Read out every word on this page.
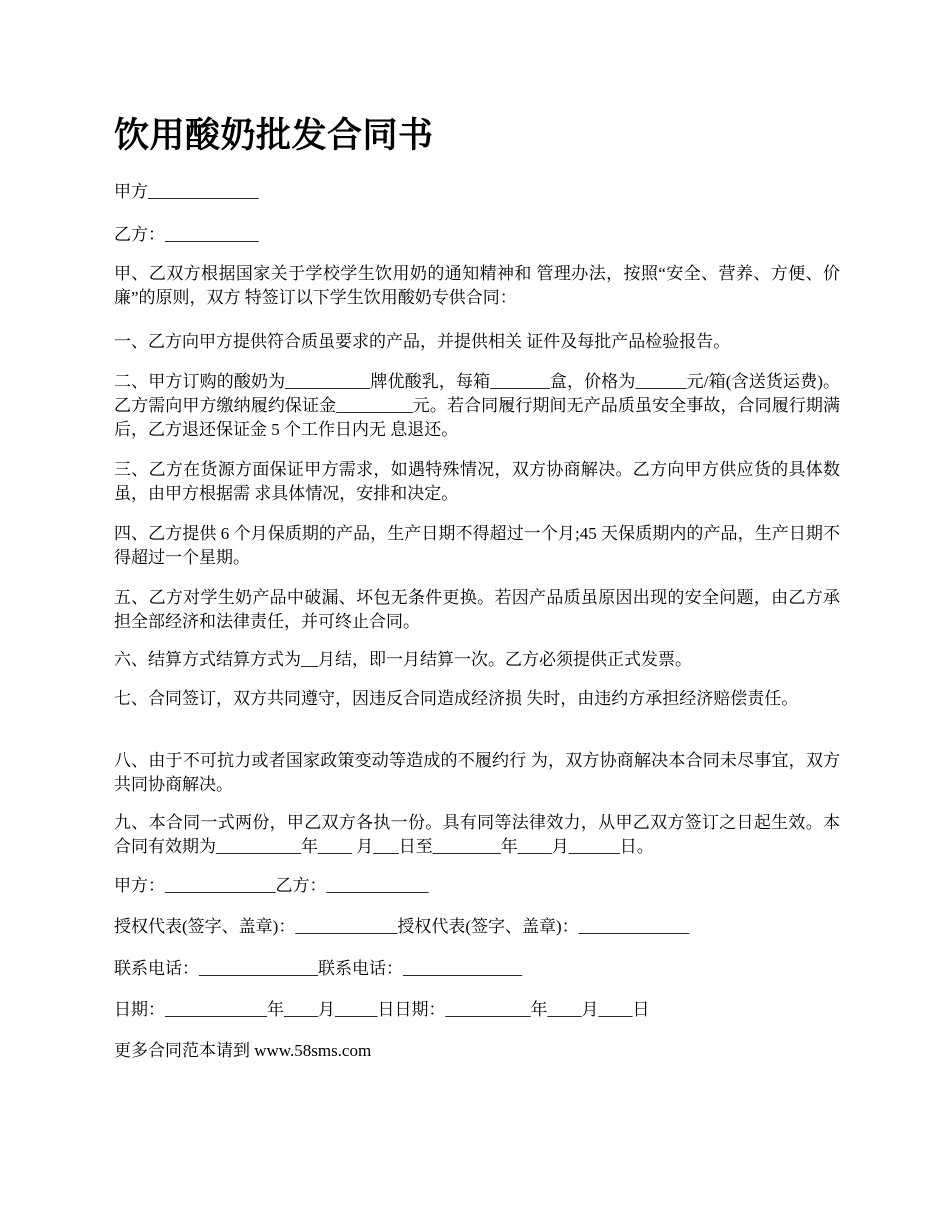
饮用酸奶批发合同书

甲方_____________

乙方：___________

甲、乙双方根据国家关于学校学生饮用奶的通知精神和 管理办法，按照“安全、营养、方便、价廉”的原则，双方 特签订以下学生饮用酸奶专供合同：

一、乙方向甲方提供符合质虽要求的产品，并提供相关 证件及每批产品检验报告。

二、甲方订购的酸奶为__________牌优酸乳，每箱_______盒，价格为______元/箱(含送货运费)。乙方需向甲方缴纳履约保证金_________元。若合同履行期间无产品质虽安全事故，合同履行期满后，乙方退还保证金 5 个工作日内无 息退还。

三、乙方在货源方面保证甲方需求，如遇特殊情况，双方协商解决。乙方向甲方供应货的具体数虽，由甲方根据需 求具体情况，安排和决定。

四、乙方提供 6 个月保质期的产品，生产日期不得超过一个月;45 天保质期内的产品，生产日期不得超过一个星期。

五、乙方对学生奶产品中破漏、坏包无条件更换。若因产品质虽原因出现的安全问题，由乙方承担全部经济和法律责任，并可终止合同。

六、结算方式结算方式为__月结，即一月结算一次。乙方必须提供正式发票。

七、合同签订，双方共同遵守，因违反合同造成经济损 失时，由违约方承担经济赔偿责任。

八、由于不可抗力或者国家政策变动等造成的不履约行 为，双方协商解决本合同未尽事宜，双方共同协商解决。

九、本合同一式两份，甲乙双方各执一份。具有同等法律效力，从甲乙双方签订之日起生效。本合同有效期为__________年____ 月___日至________年____月______日。

甲方：_____________乙方：____________

授权代表(签字、盖章)：____________授权代表(签字、盖章)：_____________

联系电话：______________联系电话：______________

日期：____________年____月_____日日期：__________年____月____日

更多合同范本请到 www.58sms.com
